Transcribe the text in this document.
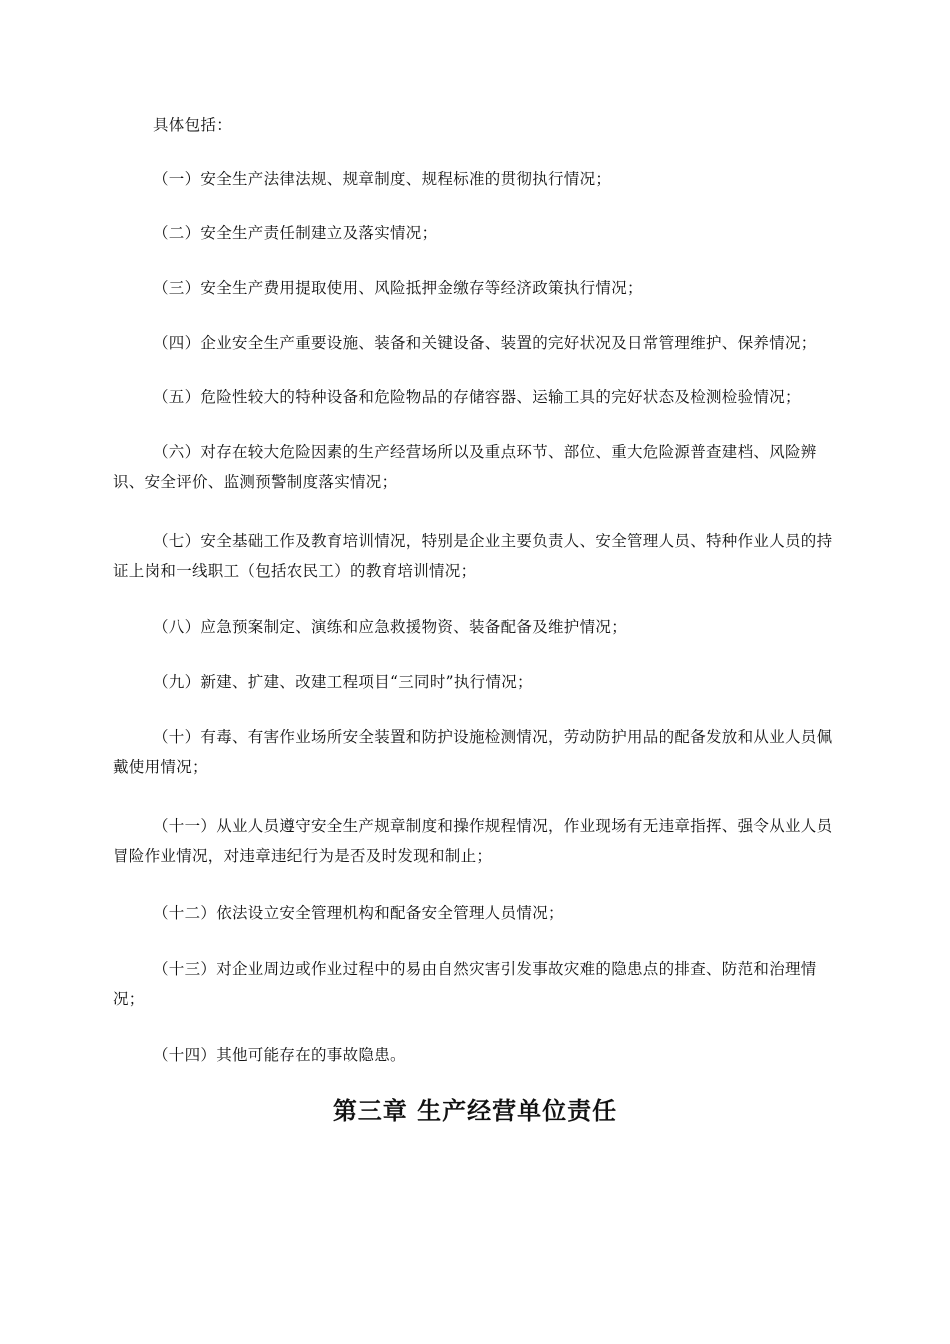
具体包括：

（一）安全生产法律法规、规章制度、规程标准的贯彻执行情况；

（二）安全生产责任制建立及落实情况；

（三）安全生产费用提取使用、风险抵押金缴存等经济政策执行情况；

（四）企业安全生产重要设施、装备和关键设备、装置的完好状况及日常管理维护、保养情况；

（五）危险性较大的特种设备和危险物品的存储容器、运输工具的完好状态及检测检验情况；

（六）对存在较大危险因素的生产经营场所以及重点环节、部位、重大危险源普查建档、风险辨识、安全评价、监测预警制度落实情况；

（七）安全基础工作及教育培训情况，特别是企业主要负责人、安全管理人员、特种作业人员的持证上岗和一线职工（包括农民工）的教育培训情况；

（八）应急预案制定、演练和应急救援物资、装备配备及维护情况；

（九）新建、扩建、改建工程项目“三同时”执行情况；

（十）有毒、有害作业场所安全装置和防护设施检测情况，劳动防护用品的配备发放和从业人员佩戴使用情况；

（十一）从业人员遵守安全生产规章制度和操作规程情况，作业现场有无违章指挥、强令从业人员冒险作业情况，对违章违纪行为是否及时发现和制止；

（十二）依法设立安全管理机构和配备安全管理人员情况；

（十三）对企业周边或作业过程中的易由自然灾害引发事故灾难的隐患点的排查、防范和治理情况；

（十四）其他可能存在的事故隐患。

第三章 生产经营单位责任
